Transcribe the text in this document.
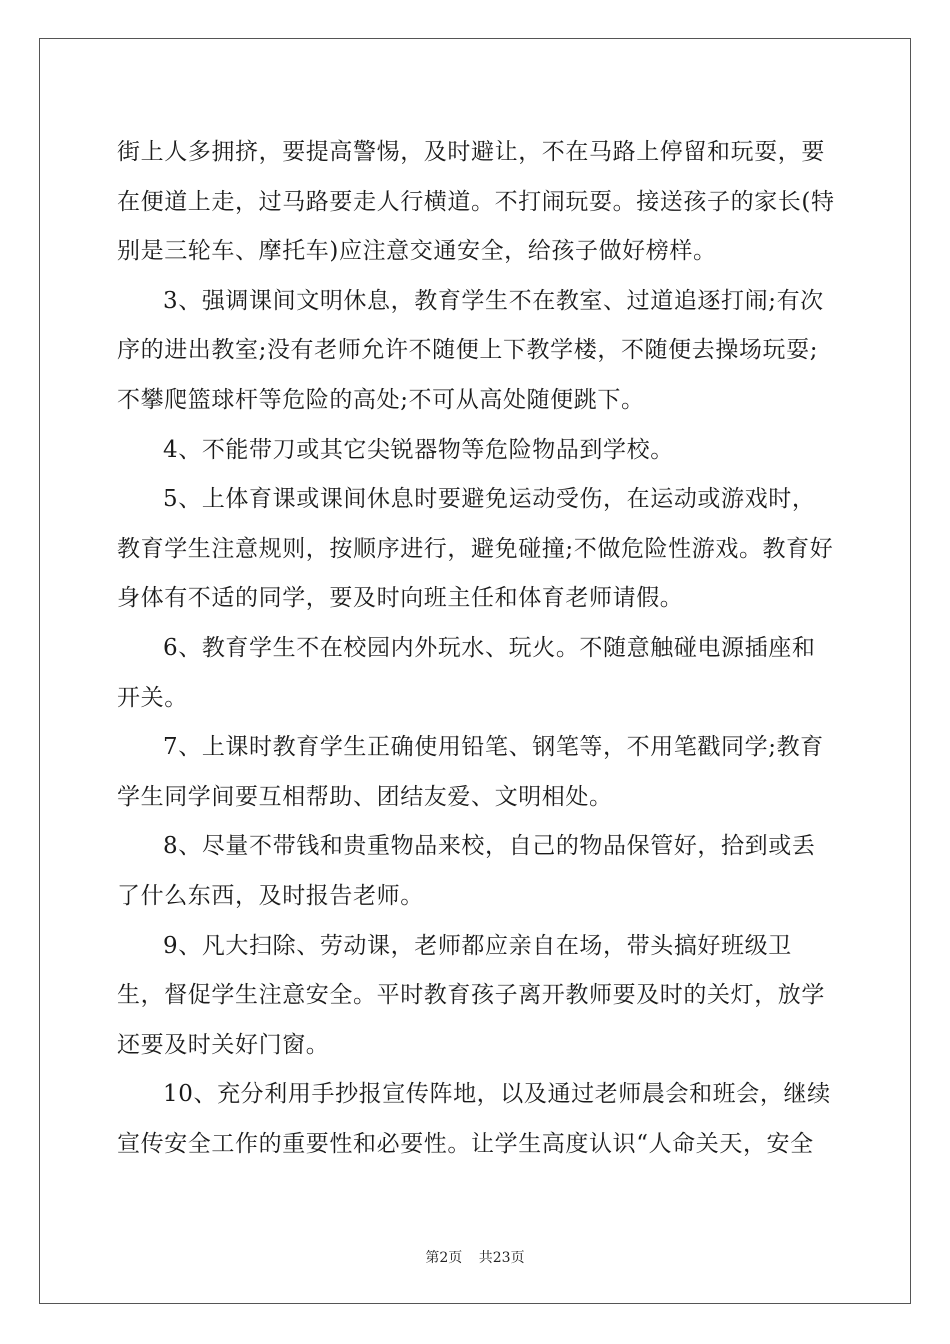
街上人多拥挤，要提高警惕，及时避让，不在马路上停留和玩耍，要在便道上走，过马路要走人行横道。不打闹玩耍。接送孩子的家长(特别是三轮车、摩托车)应注意交通安全，给孩子做好榜样。

3、强调课间文明休息，教育学生不在教室、过道追逐打闹;有次序的进出教室;没有老师允许不随便上下教学楼，不随便去操场玩耍;不攀爬篮球杆等危险的高处;不可从高处随便跳下。

4、不能带刀或其它尖锐器物等危险物品到学校。

5、上体育课或课间休息时要避免运动受伤，在运动或游戏时，教育学生注意规则，按顺序进行，避免碰撞;不做危险性游戏。教育好身体有不适的同学，要及时向班主任和体育老师请假。

6、教育学生不在校园内外玩水、玩火。不随意触碰电源插座和开关。

7、上课时教育学生正确使用铅笔、钢笔等，不用笔戳同学;教育学生同学间要互相帮助、团结友爱、文明相处。

8、尽量不带钱和贵重物品来校，自己的物品保管好，拾到或丢了什么东西，及时报告老师。

9、凡大扫除、劳动课，老师都应亲自在场，带头搞好班级卫生，督促学生注意安全。平时教育孩子离开教师要及时的关灯，放学还要及时关好门窗。

10、充分利用手抄报宣传阵地，以及通过老师晨会和班会，继续宣传安全工作的重要性和必要性。让学生高度认识“人命关天，安全

第2页 共23页
